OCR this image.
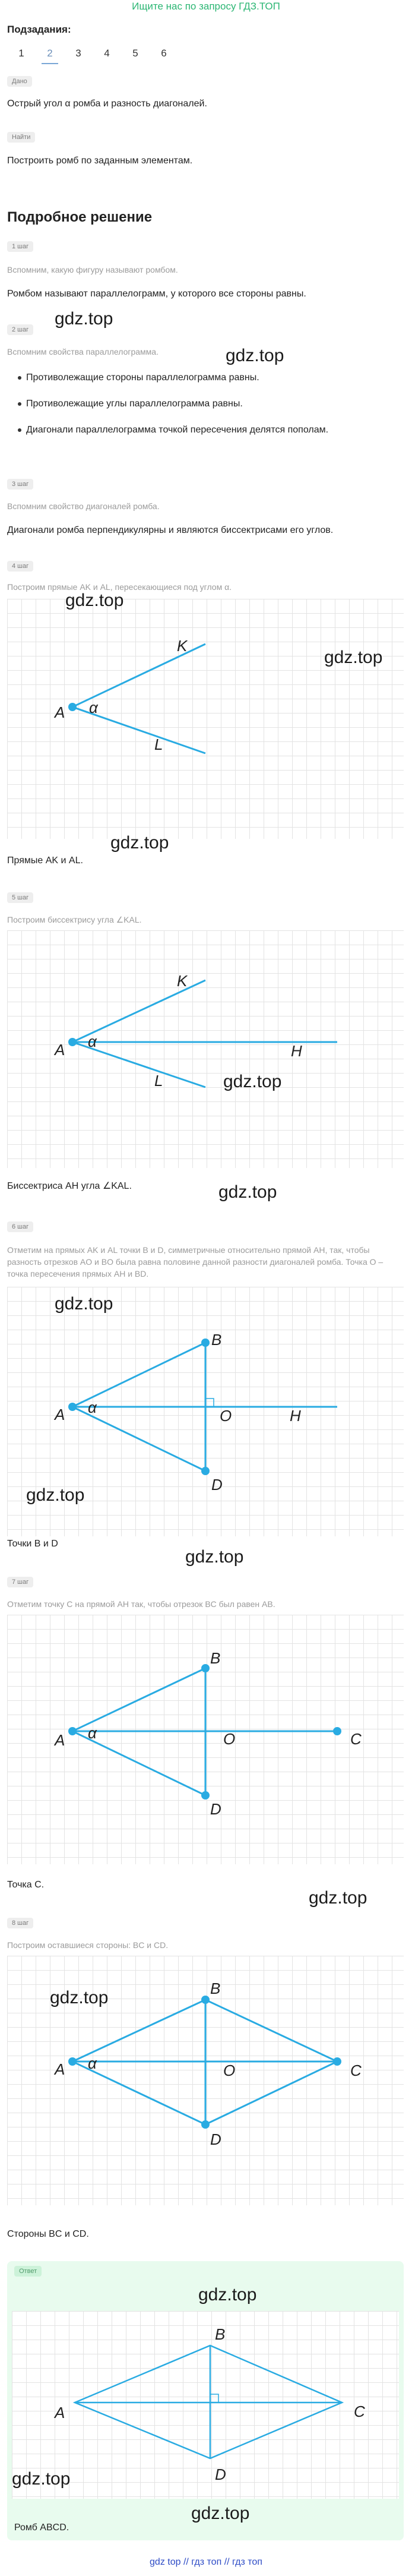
Ищите нас по запросу ГДЗ.ТОП
Подзадания:
1	2	3	4	5	6
Дано
Острый угол α ромба и разность диагоналей.
Найти
Построить ромб по заданным элементам.
Подробное решение
1 шаг
Вспомним, какую фигуру называют ромбом.
Ромбом называют параллелограмм, у которого все стороны равны.
gdz.top
2 шаг
Вспомним свойства параллелограмма.	gdz.top
Противолежащие стороны параллелограмма равны.
Противолежащие углы параллелограмма равны.
Диагонали параллелограмма точкой пересечения делятся пополам.
3 шаг
Вспомним свойство диагоналей ромба.
Диагонали ромба перпендикулярны и являются биссектрисами его углов.
4 шаг
Построим прямые AK и AL, пересекающиеся под углом α.
A α
K
L
gdz.top
gdz.top
gdz.top
Прямые AK и AL.
5 шаг
Построим биссектрису угла ∠KAL.
A α
K
L
H
gdz.top
gdz.top
Биссектриса AH угла ∠KAL.
6 шаг
Отметим на прямых AK и AL точки B и D, симметричные относительно прямой AH, так, чтобы разность отрезков AO и BO была равна половине данной разности диагоналей ромба. Точка O – точка пересечения прямых AH и BD.
A α
B
D
O	H
gdz.top
gdz.top
gdz.top
Точки B и D
7 шаг
Отметим точку C на прямой AH так, чтобы отрезок BC был равен AB.
A α
B
D
O	C
gdz.top
Точка C.
8 шаг
Построим оставшиеся стороны: BC и CD.
A α
B
D
O	C
gdz.top
Стороны BC и CD.
Ответ
gdz.top
A
B
C
D
gdz.top
gdz.top
Ромб ABCD.
gdz top // гдз топ // гдз топ
